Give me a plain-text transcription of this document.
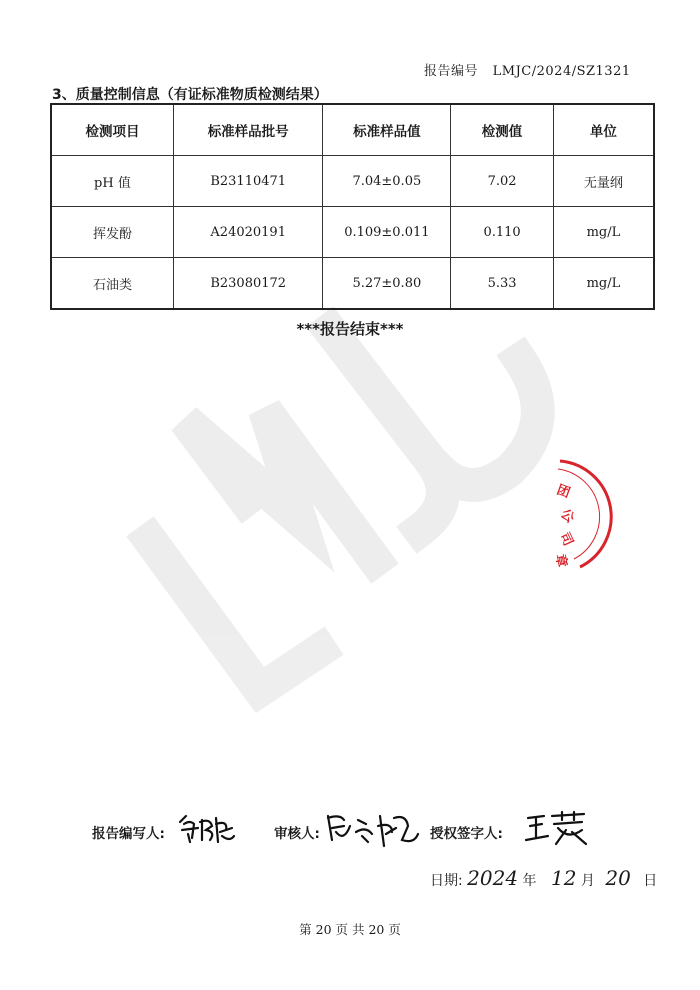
报告编号 LMJC/2024/SZ1321
3、质量控制信息（有证标准物质检测结果）
检测项目	标准样品批号	标准样品值	检测值	单位
pH 值	B23110471	7.04±0.05	7.02	无量纲
挥发酚	A24020191	0.109±0.011	0.110	mg/L
石油类	B23080172	5.27±0.80	5.33	mg/L
***报告结束***
团
公
司
章
报告编写人:	审核人:	授权签字人:
日期: 2024 年 12 月 20 日
第 20 页 共 20 页
